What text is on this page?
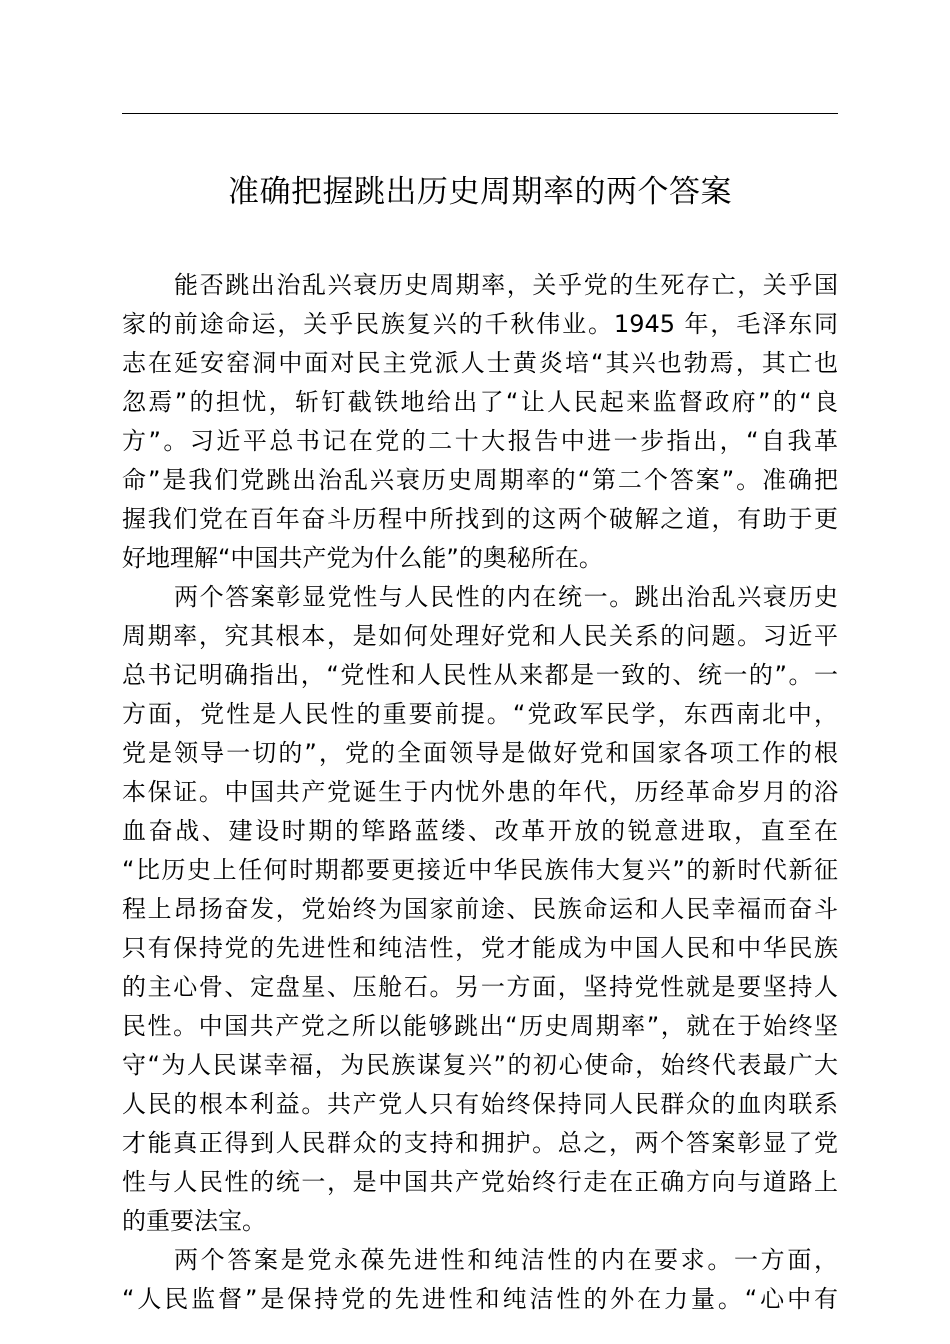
准确把握跳出历史周期率的两个答案
能否跳出治乱兴衰历史周期率，关乎党的生死存亡，关乎国
家的前途命运，关乎民族复兴的千秋伟业。1945 年，毛泽东同
志在延安窑洞中面对民主党派人士黄炎培“其兴也勃焉，其亡也
忽焉”的担忧，斩钉截铁地给出了“让人民起来监督政府”的“良
方”。习近平总书记在党的二十大报告中进一步指出，“自我革
命”是我们党跳出治乱兴衰历史周期率的“第二个答案”。准确把
握我们党在百年奋斗历程中所找到的这两个破解之道，有助于更
好地理解“中国共产党为什么能”的奥秘所在。
两个答案彰显党性与人民性的内在统一。跳出治乱兴衰历史
周期率，究其根本，是如何处理好党和人民关系的问题。习近平
总书记明确指出，“党性和人民性从来都是一致的、统一的”。一
方面，党性是人民性的重要前提。“党政军民学，东西南北中，
党是领导一切的”，党的全面领导是做好党和国家各项工作的根
本保证。中国共产党诞生于内忧外患的年代，历经革命岁月的浴
血奋战、建设时期的筚路蓝缕、改革开放的锐意进取，直至在
“比历史上任何时期都要更接近中华民族伟大复兴”的新时代新征
程上昂扬奋发，党始终为国家前途、民族命运和人民幸福而奋斗
只有保持党的先进性和纯洁性，党才能成为中国人民和中华民族
的主心骨、定盘星、压舱石。另一方面，坚持党性就是要坚持人
民性。中国共产党之所以能够跳出“历史周期率”，就在于始终坚
守“为人民谋幸福，为民族谋复兴”的初心使命，始终代表最广大
人民的根本利益。共产党人只有始终保持同人民群众的血肉联系
才能真正得到人民群众的支持和拥护。总之，两个答案彰显了党
性与人民性的统一，是中国共产党始终行走在正确方向与道路上
的重要法宝。
两个答案是党永葆先进性和纯洁性的内在要求。一方面，
“人民监督”是保持党的先进性和纯洁性的外在力量。“心中有
